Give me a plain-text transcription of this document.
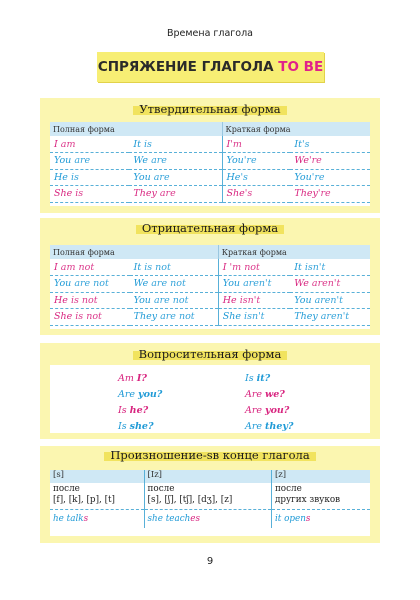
Времена глагола
СПРЯЖЕНИЕ ГЛАГОЛА TO BE
Утвердительная форма
Полная форма		Краткая форма	
I am	It is	I'm	It's
You are	We are	You're	We're
He is	You are	He's	You're
She is	They are	She's	They're
Отрицательная форма
Полная форма		Краткая форма	
I am not	It is not	I 'm not	It isn't
You are not	We are not	You aren't	We aren't
He is not	You are not	He isn't	You aren't
She is not	They are not	She isn't	They aren't
Вопросительная форма
Am I?	Is it?
Are you?	Are we?
Is he?	Are you?
Is she?	Are they?
Произношение-sв конце глагола
[s]	[Iz]	[z]
после	после	после
[f], [k], [p], [t]	[s], [ʃ], [tʃ], [dʒ], [z]	других звуков
he talks	she teaches	it opens
9
